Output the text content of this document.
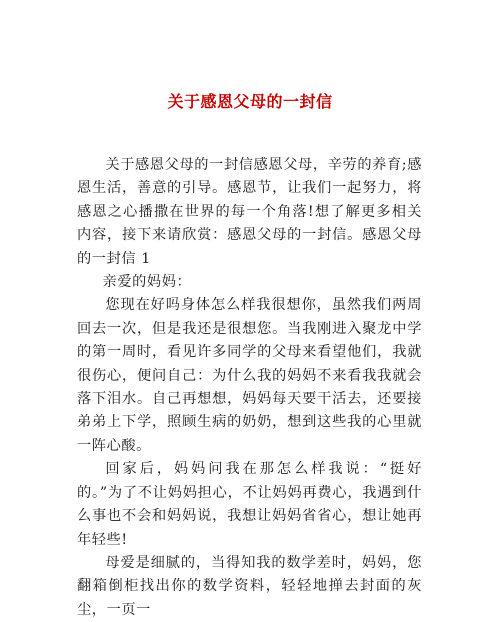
关于感恩父母的一封信

关于感恩父母的一封信感恩父母，辛劳的养育;感恩生活，善意的引导。感恩节，让我们一起努力，将感恩之心播撒在世界的每一个角落!想了解更多相关内容，接下来请欣赏：感恩父母的一封信。感恩父母的一封信 1

亲爱的妈妈：

您现在好吗身体怎么样我很想你，虽然我们两周回去一次，但是我还是很想您。当我刚进入聚龙中学的第一周时，看见许多同学的父母来看望他们，我就很伤心，便问自己：为什么我的妈妈不来看我我就会落下泪水。自己再想想，妈妈每天要干活去，还要接弟弟上下学，照顾生病的奶奶，想到这些我的心里就一阵心酸。

回家后，妈妈问我在那怎么样我说：“挺好的。”为了不让妈妈担心，不让妈妈再费心，我遇到什么事也不会和妈妈说，我想让妈妈省省心，想让她再年轻些!

母爱是细腻的，当得知我的数学差时，妈妈，您翻箱倒柜找出你的数学资料，轻轻地掸去封面的灰尘，一页一
